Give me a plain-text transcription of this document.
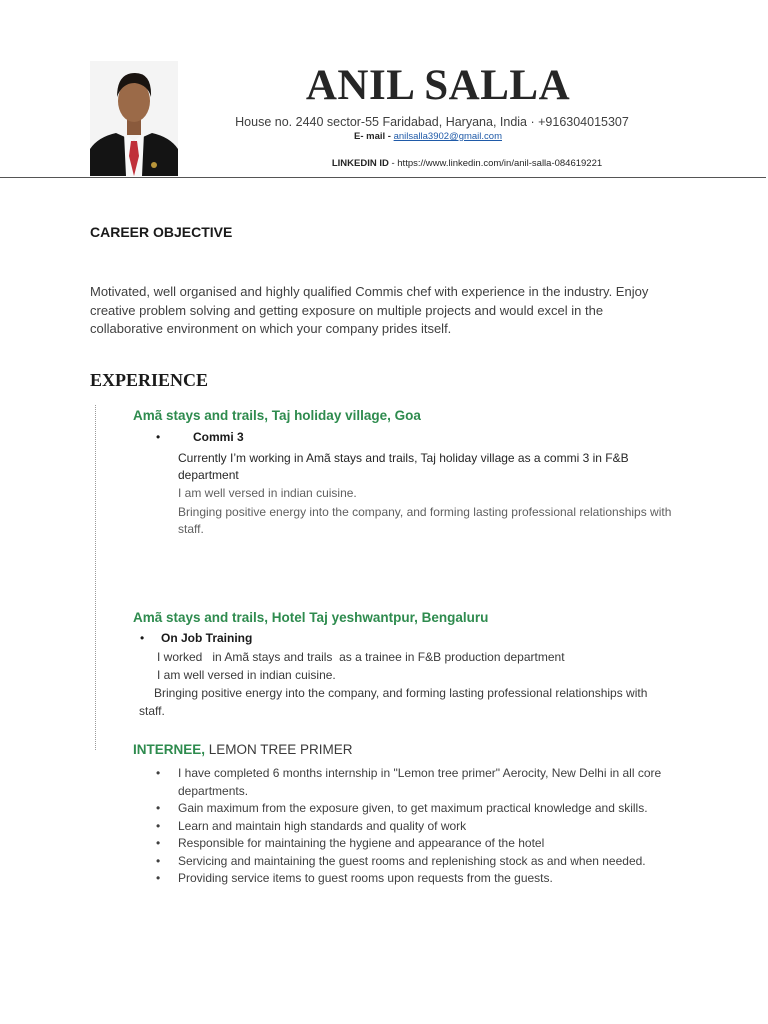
ANIL SALLA
House no. 2440 sector-55 Faridabad, Haryana, India · +916304015307
E- mail - anilsalla3902@gmail.com
LINKEDIN ID - https://www.linkedin.com/in/anil-salla-084619221
CAREER OBJECTIVE
Motivated, well organised and highly qualified Commis chef with experience in the industry. Enjoy creative problem solving and getting exposure on multiple projects and would excel in the collaborative environment on which your company prides itself.
EXPERIENCE
Amã stays and trails, Taj holiday village, Goa
•	Commi 3
Currently I’m working in Amã stays and trails, Taj holiday village as a commi 3 in F&B department
I am well versed in indian cuisine.
Bringing positive energy into the company, and forming lasting professional relationships with staff.
Amã stays and trails, Hotel Taj yeshwantpur, Bengaluru
• On Job Training
I worked   in Amã stays and trails  as a trainee in F&B production department
I am well versed in indian cuisine.
Bringing positive energy into the company, and forming lasting professional relationships with staff.
INTERNEE, LEMON TREE PRIMER
• I have completed 6 months internship in "Lemon tree primer" Aerocity, New Delhi in all core departments.
• Gain maximum from the exposure given, to get maximum practical knowledge and skills.
• Learn and maintain high standards and quality of work
• Responsible for maintaining the hygiene and appearance of the hotel
• Servicing and maintaining the guest rooms and replenishing stock as and when needed.
• Providing service items to guest rooms upon requests from the guests.
